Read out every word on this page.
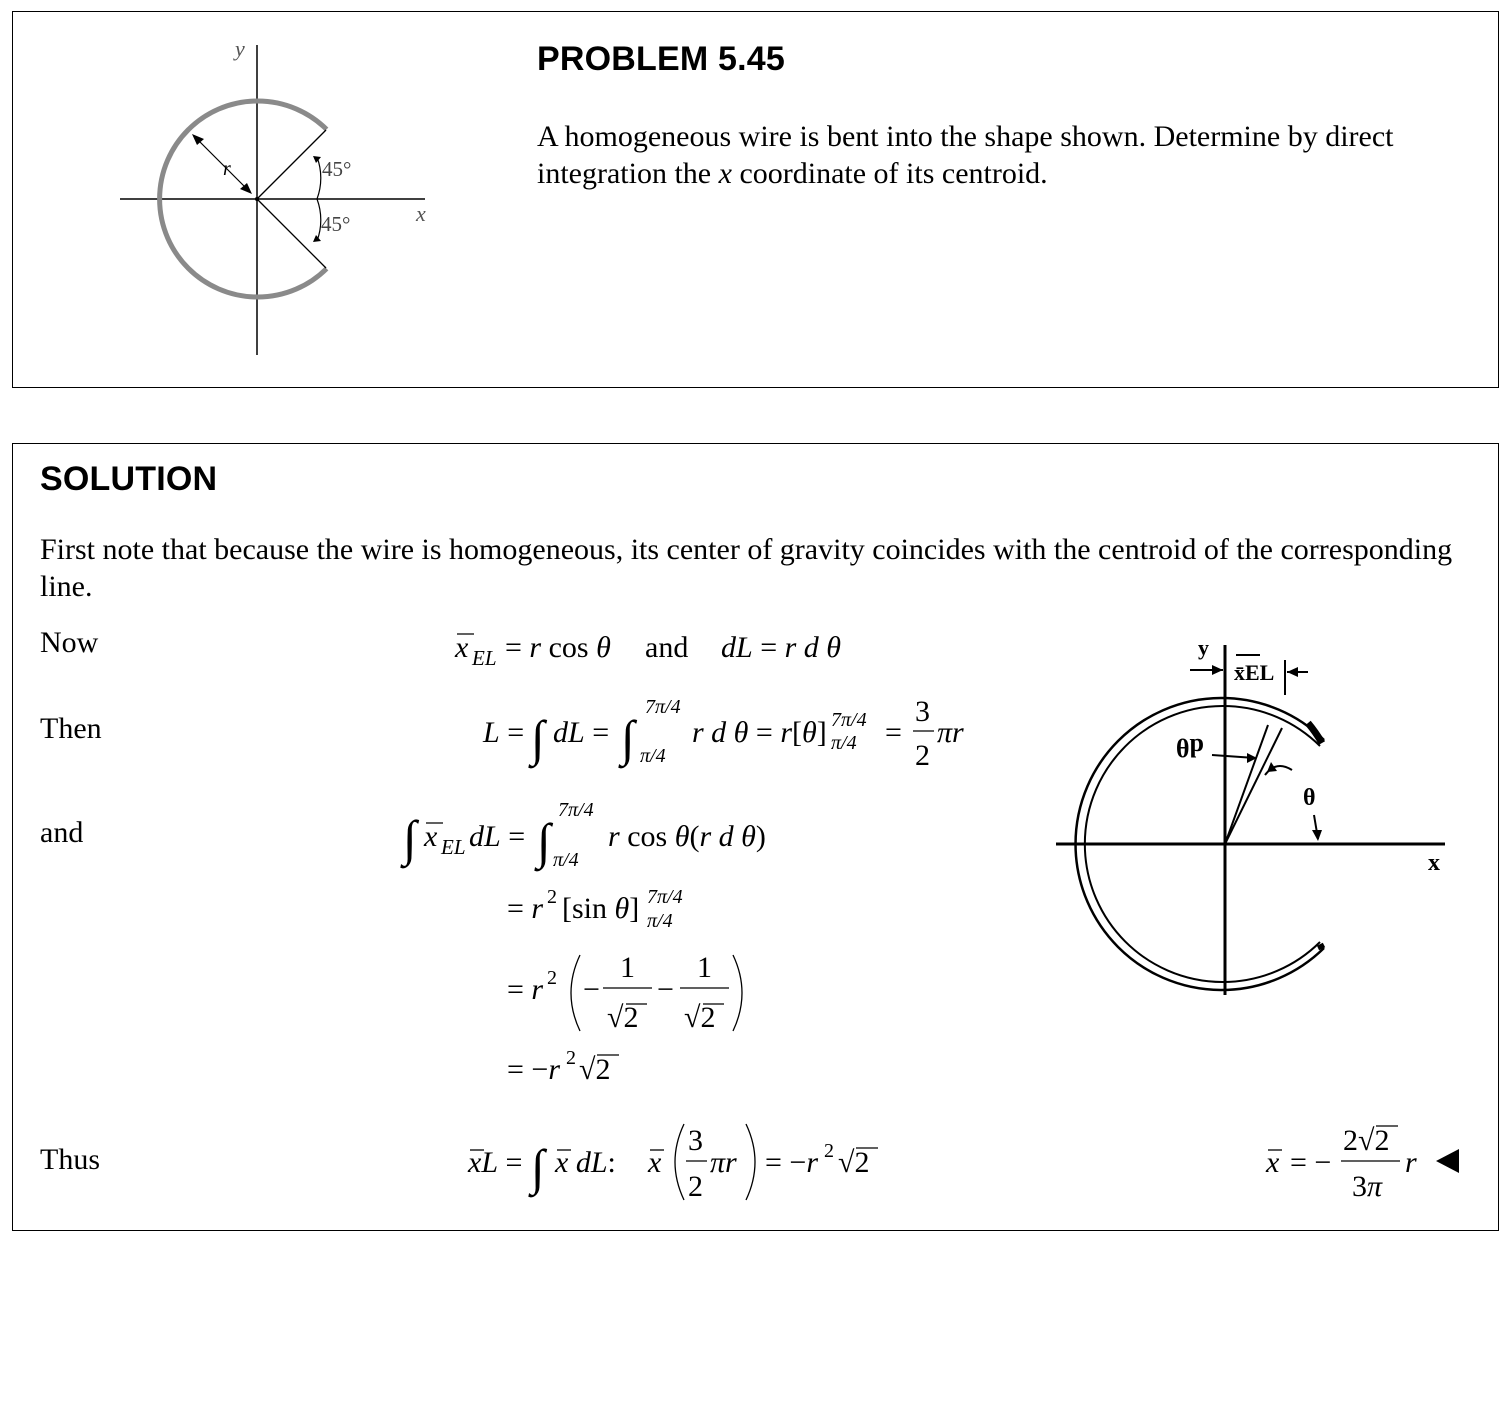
r	45°
45°
y
x
PROBLEM 5.45
A homogeneous wire is bent into the shape shown. Determine by direct integration the x coordinate of its centroid.
SOLUTION
First note that because the wire is homogeneous, its center of gravity coincides with the centroid of the corresponding line.
Now
Then
and
Thus
x EL = r cos θ and dL = r d θ
L = ∫ dL = ∫
7π/4
π/4
r d θ = r[θ] 7π/4
π/4 =
3
2
πr
∫ x EL dL = ∫
7π/4
π/4
r cos θ(r d θ)
= r 2 [sin θ] 7π/4
π/4
= r 2 −
1
√2
−
1
√2
= −r 2 √2
xL = ∫ x dL: x
3
2
πr = −r 2 √2	x = −
2√2
3π
r
dθ
θ
y
x̄EL
x
